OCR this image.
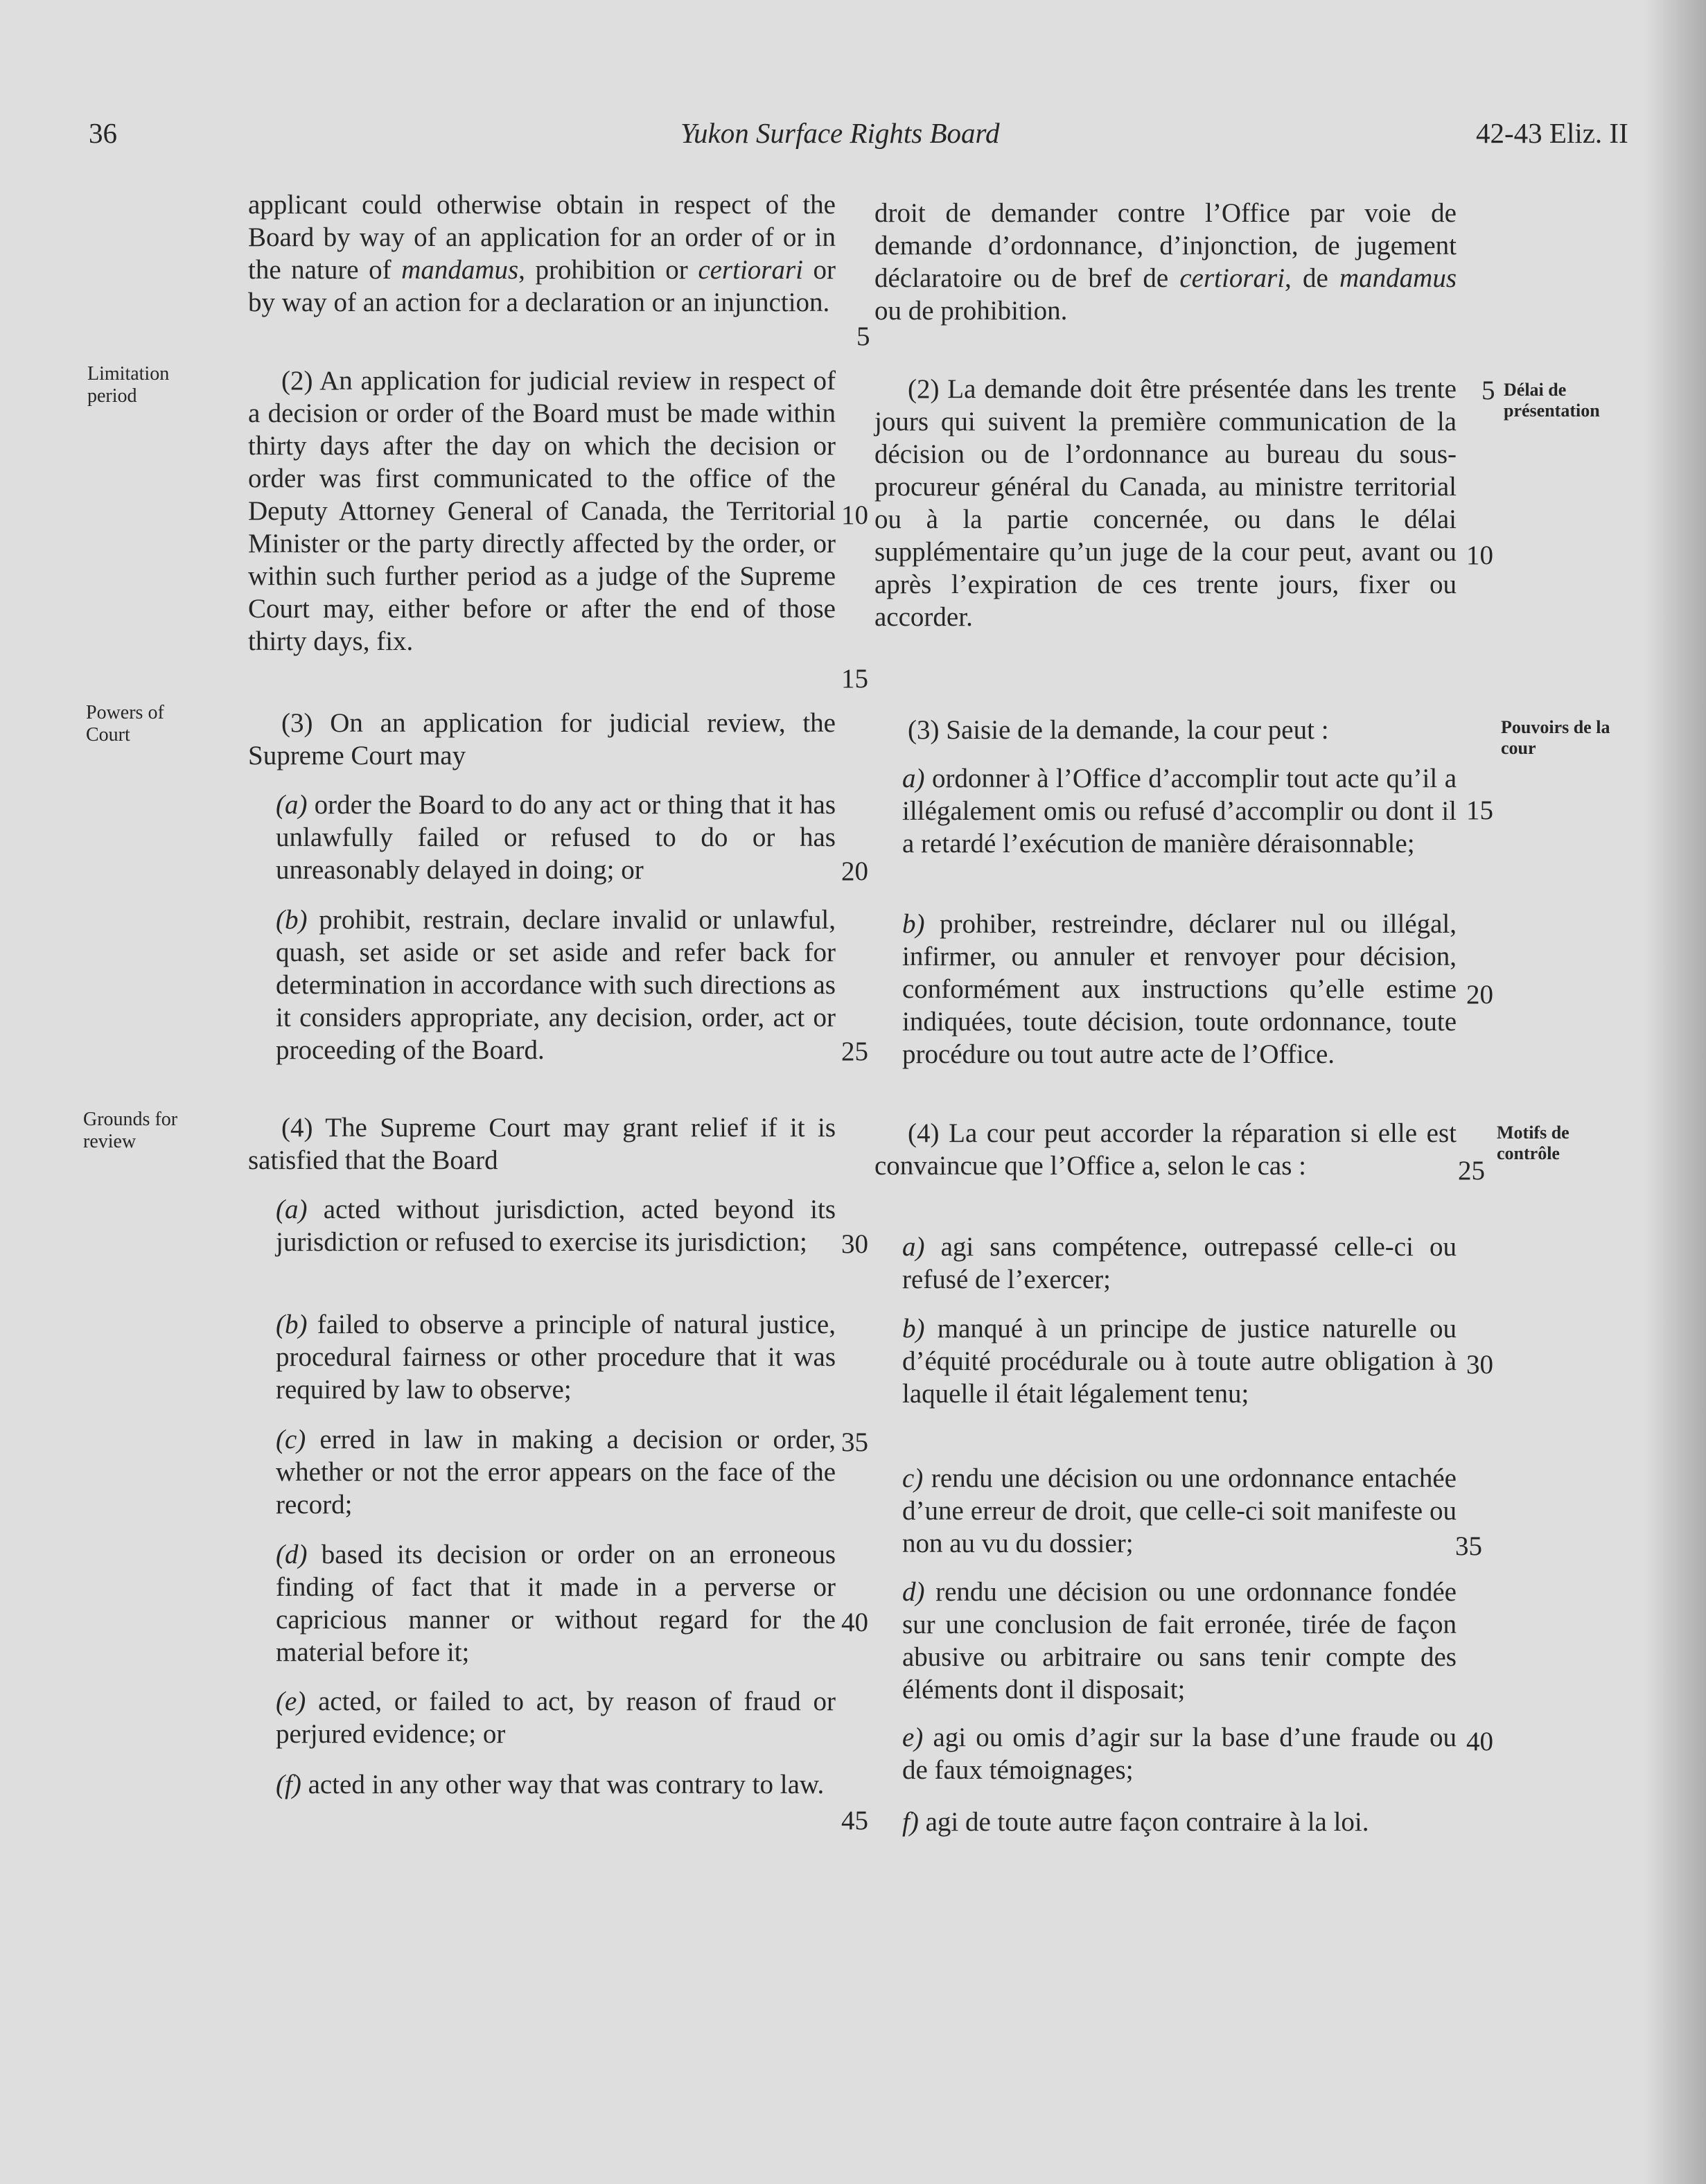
36	Yukon Surface Rights Board	42-43 Eliz. II
Limitation period
Powers of Court
Grounds for review
Délai de présentation
Pouvoirs de la cour
Motifs de contrôle

applicant could otherwise obtain in respect of the Board by way of an application for an order of or in the nature of mandamus, prohibition or certiorari or by way of an action for a declaration or an injunction.

(2) An application for judicial review in respect of a decision or order of the Board must be made within thirty days after the day on which the decision or order was first communicated to the office of the Deputy Attorney General of Canada, the Territorial Minister or the party directly affected by the order, or within such further period as a judge of the Supreme Court may, either before or after the end of those thirty days, fix.

(3) On an application for judicial review, the Supreme Court may

(a) order the Board to do any act or thing that it has unlawfully failed or refused to do or has unreasonably delayed in doing; or

(b) prohibit, restrain, declare invalid or unlawful, quash, set aside or set aside and refer back for determination in accordance with such directions as it considers appropriate, any decision, order, act or proceeding of the Board.

(4) The Supreme Court may grant relief if it is satisfied that the Board

(a) acted without jurisdiction, acted beyond its jurisdiction or refused to exercise its jurisdiction;

(b) failed to observe a principle of natural justice, procedural fairness or other procedure that it was required by law to observe;

(c) erred in law in making a decision or order, whether or not the error appears on the face of the record;

(d) based its decision or order on an erroneous finding of fact that it made in a perverse or capricious manner or without regard for the material before it;

(e) acted, or failed to act, by reason of fraud or perjured evidence; or

(f) acted in any other way that was contrary to law.

5
10
15
20
25
30
35
40
45

droit de demander contre l’Office par voie de demande d’ordonnance, d’injonction, de jugement déclaratoire ou de bref de certiorari, de mandamus ou de prohibition.

(2) La demande doit être présentée dans les trente jours qui suivent la première communication de la décision ou de l’ordonnance au bureau du sous-procureur général du Canada, au ministre territorial ou à la partie concernée, ou dans le délai supplémentaire qu’un juge de la cour peut, avant ou après l’expiration de ces trente jours, fixer ou accorder.

(3) Saisie de la demande, la cour peut :

a) ordonner à l’Office d’accomplir tout acte qu’il a illégalement omis ou refusé d’accomplir ou dont il a retardé l’exécution de manière déraisonnable;

b) prohiber, restreindre, déclarer nul ou illégal, infirmer, ou annuler et renvoyer pour décision, conformément aux instructions qu’elle estime indiquées, toute décision, toute ordonnance, toute procédure ou tout autre acte de l’Office.

(4) La cour peut accorder la réparation si elle est convaincue que l’Office a, selon le cas :

a) agi sans compétence, outrepassé celle-ci ou refusé de l’exercer;

b) manqué à un principe de justice naturelle ou d’équité procédurale ou à toute autre obligation à laquelle il était légalement tenu;

c) rendu une décision ou une ordonnance entachée d’une erreur de droit, que celle-ci soit manifeste ou non au vu du dossier;

d) rendu une décision ou une ordonnance fondée sur une conclusion de fait erronée, tirée de façon abusive ou arbitraire ou sans tenir compte des éléments dont il disposait;

e) agi ou omis d’agir sur la base d’une fraude ou de faux témoignages;

f) agi de toute autre façon contraire à la loi.

5
10
15
20
25
30
35
40
